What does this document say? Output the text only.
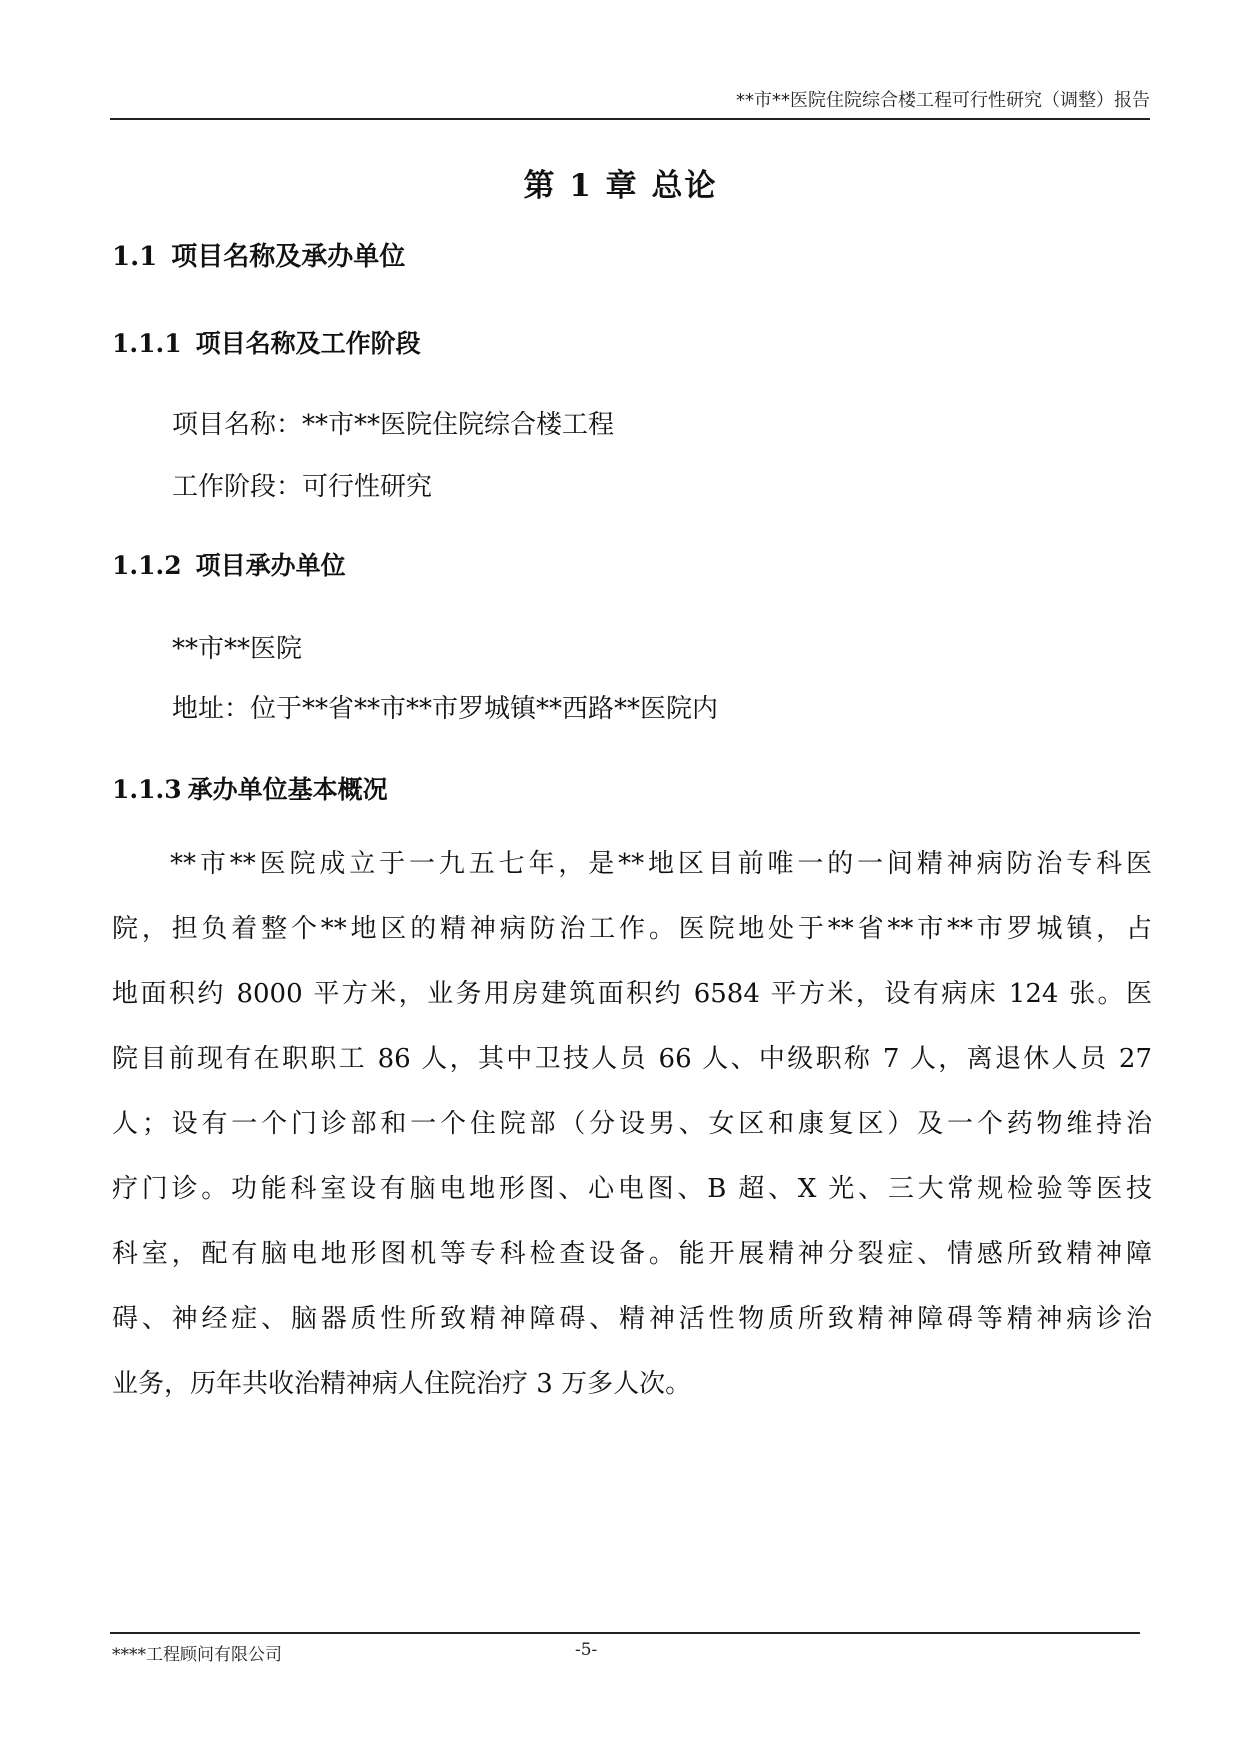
**市**医院住院综合楼工程可行性研究（调整）报告
第 1 章 总论
1.1 项目名称及承办单位
1.1.1 项目名称及工作阶段
项目名称：**市**医院住院综合楼工程
工作阶段：可行性研究
1.1.2 项目承办单位
**市**医院
地址：位于**省**市**市罗城镇**西路**医院内
1.1.3 承办单位基本概况
**市**医院成立于一九五七年，是**地区目前唯一的一间精神病防治专科医
院，担负着整个**地区的精神病防治工作。医院地处于**省**市**市罗城镇，占
地面积约 8000 平方米，业务用房建筑面积约 6584 平方米，设有病床 124 张。医
院目前现有在职职工 86 人，其中卫技人员 66 人、中级职称 7 人，离退休人员 27
人；设有一个门诊部和一个住院部（分设男、女区和康复区）及一个药物维持治
疗门诊。功能科室设有脑电地形图、心电图、B 超、X 光、三大常规检验等医技
科室，配有脑电地形图机等专科检查设备。能开展精神分裂症、情感所致精神障
碍、神经症、脑器质性所致精神障碍、精神活性物质所致精神障碍等精神病诊治
业务，历年共收治精神病人住院治疗 3 万多人次。
****工程顾问有限公司	-5-
